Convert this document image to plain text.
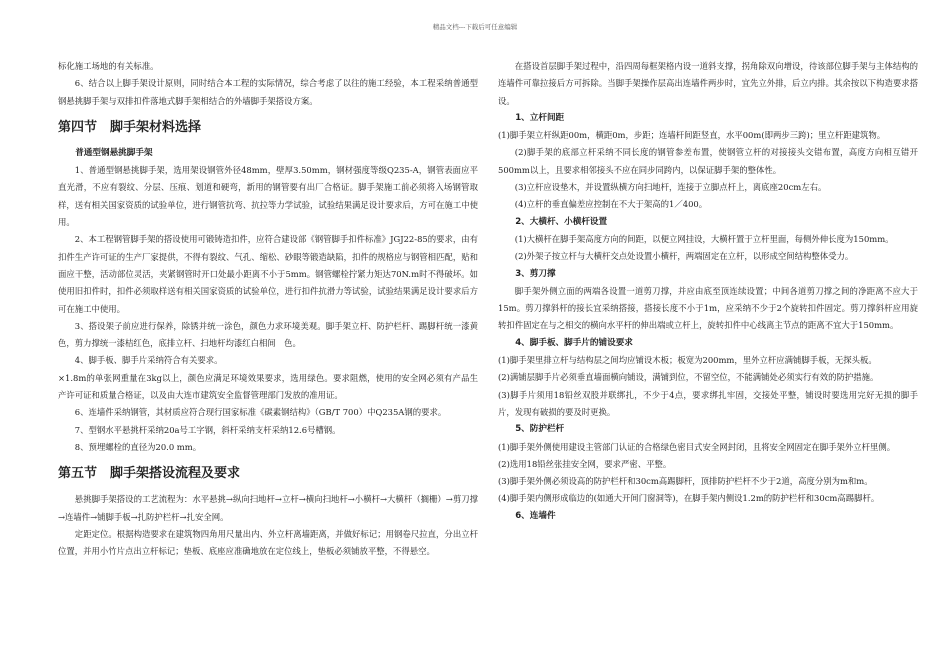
精品文档---下载后可任意编辑

标化施工场地的有关标准。

6、结合以上脚手架设计原则，同时结合本工程的实际情况，综合考虑了以往的施工经验，本工程采纳普通型钢悬挑脚手架与双排扣件落地式脚手架相结合的外墙脚手架搭设方案。

第四节　脚手架材料选择

普通型钢悬挑脚手架

1、普通型钢悬挑脚手架，选用架设钢管外径48mm，壁厚3.50mm，钢材强度等级Q235-A，钢管表面应平直光滑，不应有裂纹、分层、压痕、划道和硬弯，新用的钢管要有出厂合格证。脚手架施工前必须将入场钢管取样，送有相关国家资质的试验单位，进行钢管抗弯、抗拉等力学试验，试验结果满足设计要求后，方可在施工中使用。

2、本工程钢管脚手架的搭设使用可锻铸造扣件，应符合建设部《钢管脚手扣件标准》JGJ22-85的要求，由有扣件生产许可证的生产厂家提供，不得有裂纹、气孔、缩松、砂眼等锻造缺陷，扣件的规格应与钢管相匹配，贴和面应干整，活动部位灵活，夹紧钢管时开口处最小距离不小于5mm。钢管螺栓拧紧力矩达70N.m时不得破坏。如使用旧扣件时，扣件必须取样送有相关国家资质的试验单位，进行扣件抗滑力等试验，试验结果满足设计要求后方可在施工中使用。

3、搭设架子前应进行保养，除锈并统一涂色，颜色力求环境美观。脚手架立杆、防护栏杆、踢脚杆统一漆黄色，剪力撑统一漆桔红色，底排立杆、扫地杆均漆红白相间　色。

4、脚手板、脚手片采纳符合有关要求。

×1.8m的单张网重量在3kg以上，颜色应满足环境效果要求，选用绿色。要求阻燃，使用的安全网必须有产品生产许可证和质量合格证，以及由大连市建筑安全监督管理部门发放的准用证。

6、连墙件采纳钢管，其材质应符合现行国家标准《碳素钢结构》（GB/T 700）中Q235A钢的要求。

7、型钢水平悬挑杆采纳20a号工字钢，斜杆采纳支杆采纳12.6号槽钢。

8、预埋螺栓的直径为20.0 mm。

第五节　脚手架搭设流程及要求

悬挑脚手架搭设的工艺流程为：水平悬挑→纵向扫地杆→立杆→横向扫地杆→小横杆→大横杆（搁栅）→剪刀撑→连墙件→铺脚手板→扎防护栏杆→扎安全网。

定距定位。根据构造要求在建筑物四角用尺量出内、外立杆离墙距离，并做好标记；用钢卷尺拉直，分出立杆位置，并用小竹片点出立杆标记；垫板、底座应准确地放在定位线上，垫板必须铺放平整，不得悬空。

在搭设首层脚手架过程中，沿四周每框架格内设一道斜支撑，拐角除双向增设，待该部位脚手架与主体结构的连墙件可靠拉接后方可拆除。当脚手架操作层高出连墙件两步时，宜先立外排，后立内排。其余按以下构造要求搭设。

1、立杆间距

(1)脚手架立杆纵距00m，横距0m，步距；连墙杆间距竖直，水平00m(即两步三跨)；里立杆距建筑物。

(2)脚手架的底部立杆采纳不同长度的钢管参差布置，使钢管立杆的对接接头交错布置，高度方向相互错开500mm以上，且要求相邻接头不应在同步同跨内，以保证脚手架的整体性。

(3)立杆应设垫木，并设置纵横方向扫地杆，连接于立脚点杆上，离底座20cm左右。

(4)立杆的垂直偏差应控制在不大于架高的1／400。

2、大横杆、小横杆设置

(1)大横杆在脚手架高度方向的间距，以便立网挂设，大横杆置于立杆里面，每侧外伸长度为150mm。

(2)外架子按立杆与大横杆交点处设置小横杆，两端固定在立杆，以形成空间结构整体受力。

3、剪刀撑

脚手架外侧立面的两端各设置一道剪刀撑，并应由底至顶连续设置；中间各道剪刀撑之间的净距离不应大于15m。剪刀撑斜杆的接长宜采纳搭接，搭接长度不小于1m，应采纳不少于2个旋转扣件固定。剪刀撑斜杆应用旋转扣件固定在与之相交的横向水平杆的伸出端或立杆上，旋转扣件中心线离主节点的距离不宜大于150mm。

4、脚手板、脚手片的铺设要求

(1)脚手架里排立杆与结构层之间均应铺设木板；板宽为200mm，里外立杆应满铺脚手板，无探头板。

(2)满铺层脚手片必须垂直墙面横向铺设，满铺到位，不留空位，不能满铺处必须实行有效的防护措施。

(3)脚手片须用18铅丝双股并联绑扎，不少于4点，要求绑扎牢固，交接处平整，铺设时要选用完好无损的脚手片，发现有破损的要及时更换。

5、防护栏杆

(1)脚手架外侧使用建设主管部门认证的合格绿色密目式安全网封闭，且将安全网固定在脚手架外立杆里侧。

(2)选用18铅丝张挂安全网，要求严密、平整。

(3)脚手架外侧必须设高的防护栏杆和30cm高踢脚杆，顶排防护栏杆不少于2道，高度分别为m和m。

(4)脚手架内侧形成临边的(如通大开间门窗洞等)，在脚手架内侧设1.2m的防护栏杆和30cm高踢脚杆。

6、连墙件
